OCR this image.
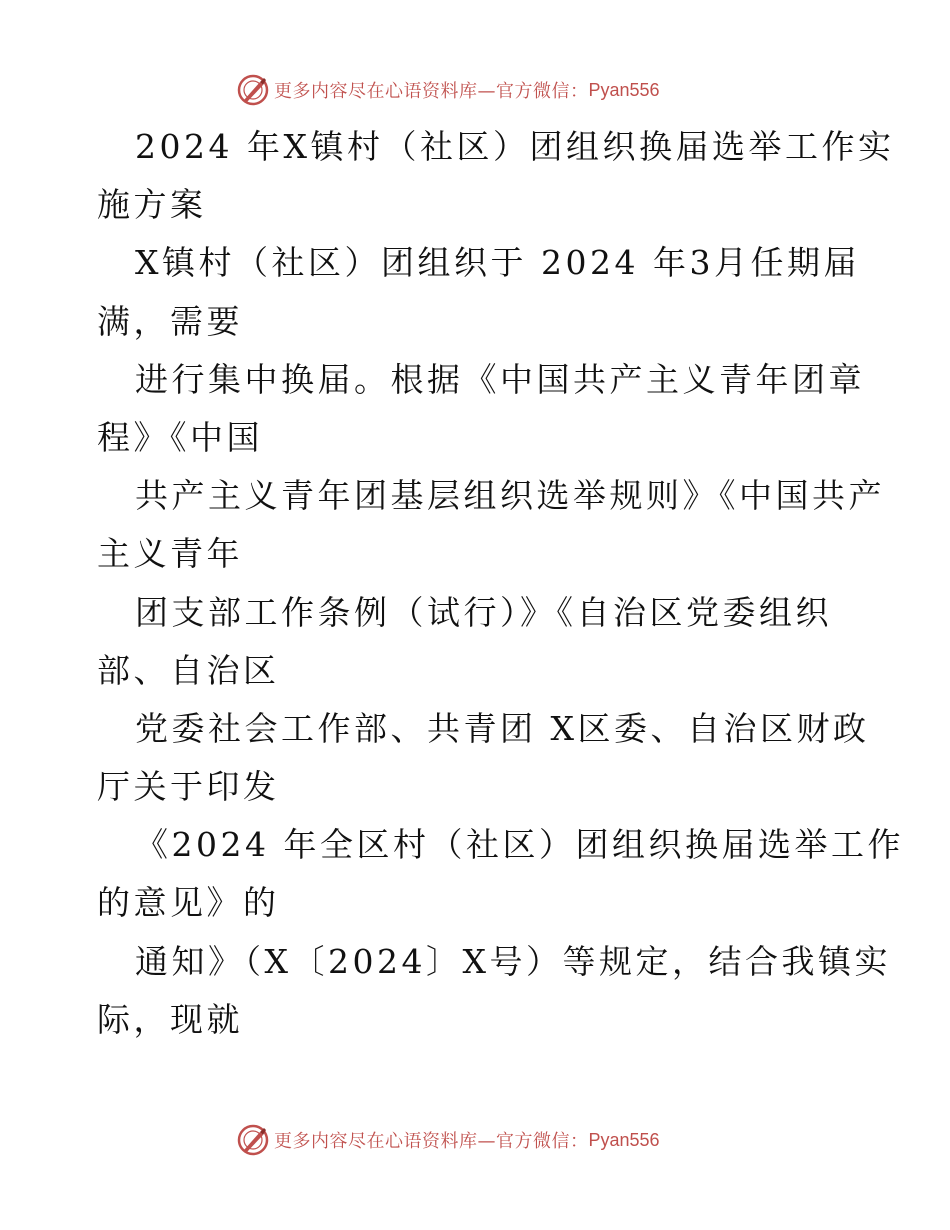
更多内容尽在心语资料库—官方微信： Pyan556
2024 年X镇村（社区）团组织换届选举工作实
施方案
X镇村（社区）团组织于 2024 年3月任期届
满，需要
进行集中换届。根据《中国共产主义青年团章
程》《中国
共产主义青年团基层组织选举规则》《中国共产
主义青年
团支部工作条例（试行）》《自治区党委组织
部、自治区
党委社会工作部、共青团 X区委、自治区财政
厅关于印发
《2024 年全区村（社区）团组织换届选举工作
的意见》的
通知》（X〔2024〕X号）等规定，结合我镇实
际，现就
更多内容尽在心语资料库—官方微信： Pyan556
